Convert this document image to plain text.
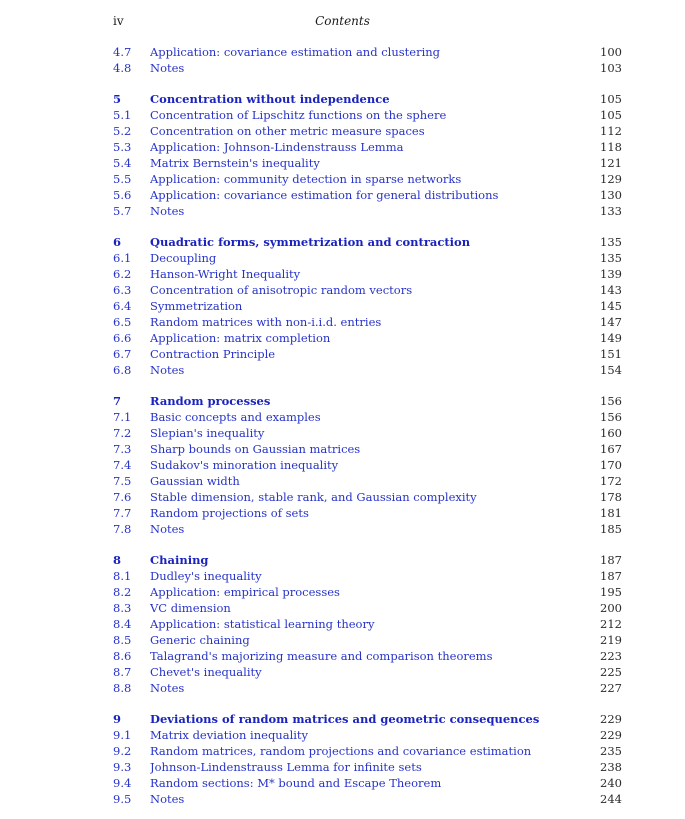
iv	Contents
4.7	Application: covariance estimation and clustering	100
4.8	Notes	103
5	Concentration without independence	105
5.1	Concentration of Lipschitz functions on the sphere	105
5.2	Concentration on other metric measure spaces	112
5.3	Application: Johnson-Lindenstrauss Lemma	118
5.4	Matrix Bernstein's inequality	121
5.5	Application: community detection in sparse networks	129
5.6	Application: covariance estimation for general distributions	130
5.7	Notes	133
6	Quadratic forms, symmetrization and contraction	135
6.1	Decoupling	135
6.2	Hanson-Wright Inequality	139
6.3	Concentration of anisotropic random vectors	143
6.4	Symmetrization	145
6.5	Random matrices with non-i.i.d. entries	147
6.6	Application: matrix completion	149
6.7	Contraction Principle	151
6.8	Notes	154
7	Random processes	156
7.1	Basic concepts and examples	156
7.2	Slepian's inequality	160
7.3	Sharp bounds on Gaussian matrices	167
7.4	Sudakov's minoration inequality	170
7.5	Gaussian width	172
7.6	Stable dimension, stable rank, and Gaussian complexity	178
7.7	Random projections of sets	181
7.8	Notes	185
8	Chaining	187
8.1	Dudley's inequality	187
8.2	Application: empirical processes	195
8.3	VC dimension	200
8.4	Application: statistical learning theory	212
8.5	Generic chaining	219
8.6	Talagrand's majorizing measure and comparison theorems	223
8.7	Chevet's inequality	225
8.8	Notes	227
9	Deviations of random matrices and geometric consequences	229
9.1	Matrix deviation inequality	229
9.2	Random matrices, random projections and covariance estimation	235
9.3	Johnson-Lindenstrauss Lemma for infinite sets	238
9.4	Random sections: M* bound and Escape Theorem	240
9.5	Notes	244
